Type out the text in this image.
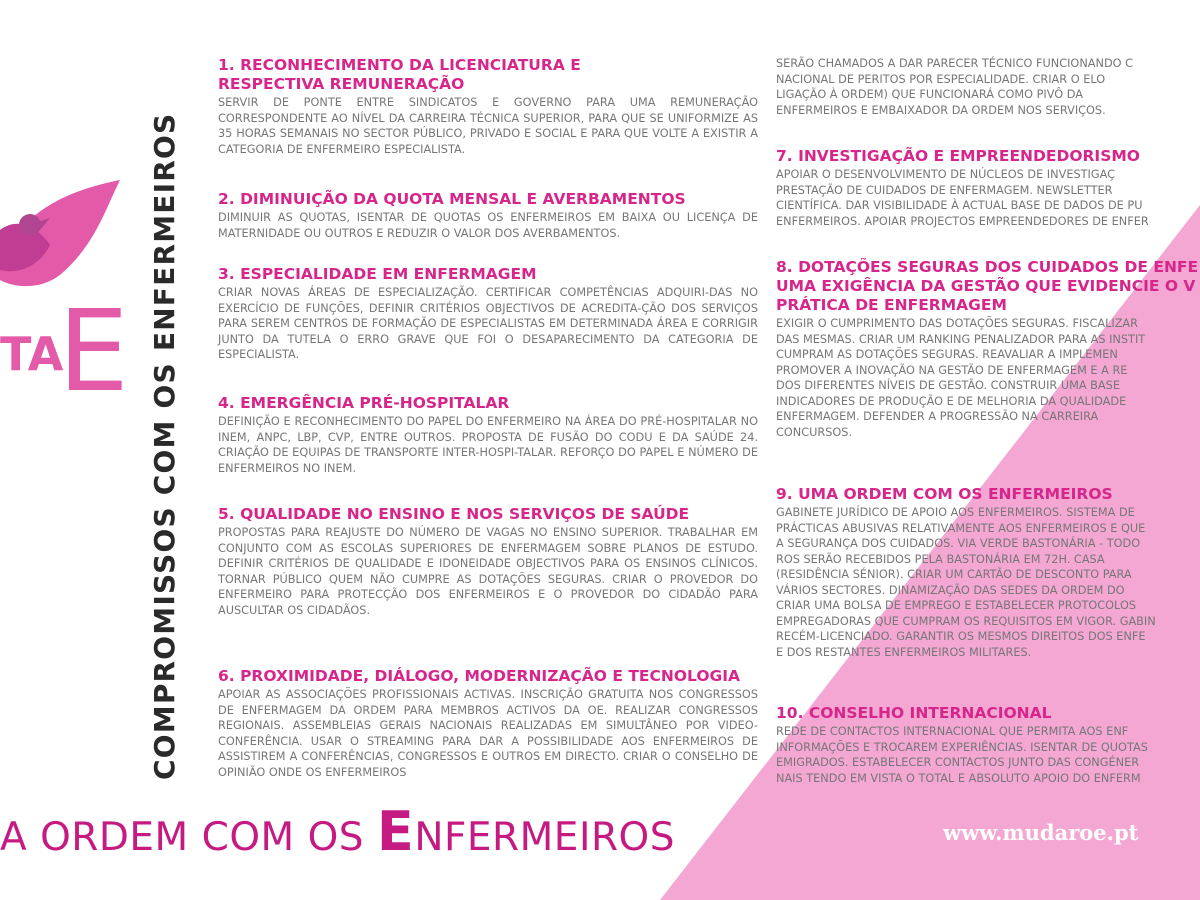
TA
E COMPROMISSOS COM OS ENFERMEIROS
1. RECONHECIMENTO DA LICENCIATURA E
RESPECTIVA REMUNERAÇÃO

SERVIR DE PONTE ENTRE SINDICATOS E GOVERNO PARA UMA REMUNERAÇÃO CORRESPONDENTE AO NÍVEL DA CARREIRA TÉCNICA SUPERIOR, PARA QUE SE UNIFORMIZE AS 35 HORAS SEMANAIS NO SECTOR PÚBLICO, PRIVADO E SOCIAL E PARA QUE VOLTE A EXISTIR A CATEGORIA DE ENFERMEIRO ESPECIALISTA.

2. DIMINUIÇÃO DA QUOTA MENSAL E AVERBAMENTOS

DIMINUIR AS QUOTAS, ISENTAR DE QUOTAS OS ENFERMEIROS EM BAIXA OU LICENÇA DE MATERNIDADE OU OUTROS E REDUZIR O VALOR DOS AVERBAMENTOS.

3. ESPECIALIDADE EM ENFERMAGEM

CRIAR NOVAS ÁREAS DE ESPECIALIZAÇÃO. CERTIFICAR COMPETÊNCIAS ADQUIRI-DAS NO EXERCÍCIO DE FUNÇÕES, DEFINIR CRITÉRIOS OBJECTIVOS DE ACREDITA-ÇÃO DOS SERVIÇOS PARA SEREM CENTROS DE FORMAÇÃO DE ESPECIALISTAS EM DETERMINADA ÁREA E CORRIGIR JUNTO DA TUTELA O ERRO GRAVE QUE FOI O DESAPARECIMENTO DA CATEGORIA DE ESPECIALISTA.

4. EMERGÊNCIA PRÉ-HOSPITALAR

DEFINIÇÃO E RECONHECIMENTO DO PAPEL DO ENFERMEIRO NA ÁREA DO PRÉ-HOSPITALAR NO INEM, ANPC, LBP, CVP, ENTRE OUTROS. PROPOSTA DE FUSÃO DO CODU E DA SAÚDE 24. CRIAÇÃO DE EQUIPAS DE TRANSPORTE INTER-HOSPI-TALAR. REFORÇO DO PAPEL E NÚMERO DE ENFERMEIROS NO INEM.

5. QUALIDADE NO ENSINO E NOS SERVIÇOS DE SAÚDE

PROPOSTAS PARA REAJUSTE DO NÚMERO DE VAGAS NO ENSINO SUPERIOR. TRABALHAR EM CONJUNTO COM AS ESCOLAS SUPERIORES DE ENFERMAGEM SOBRE PLANOS DE ESTUDO. DEFINIR CRITÉRIOS DE QUALIDADE E IDONEIDADE OBJECTIVOS PARA OS ENSINOS CLÍNICOS. TORNAR PÚBLICO QUEM NÃO CUMPRE AS DOTAÇÕES SEGURAS. CRIAR O PROVEDOR DO ENFERMEIRO PARA PROTECÇÃO DOS ENFERMEIROS E O PROVEDOR DO CIDADÃO PARA AUSCULTAR OS CIDADÃOS.

6. PROXIMIDADE, DIÁLOGO, MODERNIZAÇÃO E TECNOLOGIA

APOIAR AS ASSOCIAÇÕES PROFISSIONAIS ACTIVAS. INSCRIÇÃO GRATUITA NOS CONGRESSOS DE ENFERMAGEM DA ORDEM PARA MEMBROS ACTIVOS DA OE. REALIZAR CONGRESSOS REGIONAIS. ASSEMBLEIAS GERAIS NACIONAIS REALIZADAS EM SIMULTÂNEO POR VIDEO-CONFERÊNCIA. USAR O STREAMING PARA DAR A POSSIBILIDADE AOS ENFERMEIROS DE ASSISTIREM A CONFERÊNCIAS, CONGRESSOS E OUTROS EM DIRECTO. CRIAR O CONSELHO DE OPINIÃO ONDE OS ENFERMEIROS

SERÃO CHAMADOS A DAR PARECER TÉCNICO FUNCIONANDO C
NACIONAL DE PERITOS POR ESPECIALIDADE. CRIAR O ELO
LIGAÇÃO À ORDEM) QUE FUNCIONARÁ COMO PIVÔ DA
ENFERMEIROS E EMBAIXADOR DA ORDEM NOS SERVIÇOS.

7. INVESTIGAÇÃO E EMPREENDEDORISMO

APOIAR O DESENVOLVIMENTO DE NÚCLEOS DE INVESTIGAÇ
PRESTAÇÃO DE CUIDADOS DE ENFERMAGEM. NEWSLETTER
CIENTÍFICA. DAR VISIBILIDADE À ACTUAL BASE DE DADOS DE PU
ENFERMEIROS. APOIAR PROJECTOS EMPREENDEDORES DE ENFER

8. DOTAÇÕES SEGURAS DOS CUIDADOS DE ENFE
UMA EXIGÊNCIA DA GESTÃO QUE EVIDENCIE O V
PRÁTICA DE ENFERMAGEM

EXIGIR O CUMPRIMENTO DAS DOTAÇÕES SEGURAS. FISCALIZAR
DAS MESMAS. CRIAR UM RANKING PENALIZADOR PARA AS INSTIT
CUMPRAM AS DOTAÇÕES SEGURAS. REAVALIAR A IMPLEMEN
PROMOVER A INOVAÇÃO NA GESTÃO DE ENFERMAGEM E A RE
DOS DIFERENTES NÍVEIS DE GESTÃO. CONSTRUIR UMA BASE
INDICADORES DE PRODUÇÃO E DE MELHORIA DA QUALIDADE
ENFERMAGEM. DEFENDER A PROGRESSÃO NA CARREIRA
CONCURSOS.

9. UMA ORDEM COM OS ENFERMEIROS

GABINETE JURÍDICO DE APOIO AOS ENFERMEIROS. SISTEMA DE
PRÁCTICAS ABUSIVAS RELATIVAMENTE AOS ENFERMEIROS E QUE
A SEGURANÇA DOS CUIDADOS. VIA VERDE BASTONÁRIA - TODO
ROS SERÃO RECEBIDOS PELA BASTONÁRIA EM 72H. CASA
(RESIDÊNCIA SÉNIOR). CRIAR UM CARTÃO DE DESCONTO PARA
VÁRIOS SECTORES. DINAMIZAÇÃO DAS SEDES DA ORDEM DO
CRIAR UMA BOLSA DE EMPREGO E ESTABELECER PROTOCOLOS
EMPREGADORAS QUE CUMPRAM OS REQUISITOS EM VIGOR. GABIN
RECÉM-LICENCIADO. GARANTIR OS MESMOS DIREITOS DOS ENFE
E DOS RESTANTES ENFERMEIROS MILITARES.

10. CONSELHO INTERNACIONAL

REDE DE CONTACTOS INTERNACIONAL QUE PERMITA AOS ENF
INFORMAÇÕES E TROCAREM EXPERIÊNCIAS. ISENTAR DE QUOTAS
EMIGRADOS. ESTABELECER CONTACTOS JUNTO DAS CONGÉNER
NAIS TENDO EM VISTA O TOTAL E ABSOLUTO APOIO DO ENFERM

A ORDEM COM OS ENFERMEIROS	www.mudaroe.pt
